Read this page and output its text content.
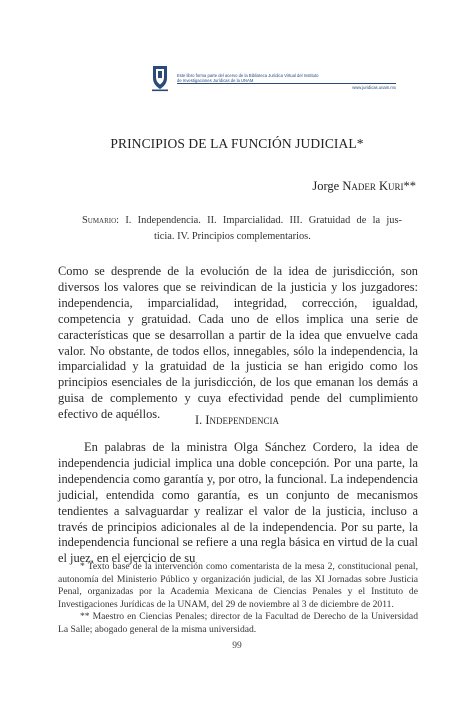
Este libro forma parte del acervo de la Biblioteca Jurídica Virtual del Instituto
de Investigaciones Jurídicas de la UNAM
www.juridicas.unam.mx
PRINCIPIOS DE LA FUNCIÓN JUDICIAL*
Jorge Nader Kuri**
Sumario: I. Independencia. II. Imparcialidad. III. Gratuidad de la jus-
ticia. IV. Principios complementarios.

Como se desprende de la evolución de la idea de jurisdicción, son diversos los valores que se reivindican de la justicia y los juzgadores: independencia, imparcialidad, integridad, corrección, igualdad, competencia y gratuidad. Cada uno de ellos implica una serie de características que se desarrollan a partir de la idea que envuelve cada valor. No obstante, de todos ellos, innegables, sólo la independencia, la imparcialidad y la gratuidad de la justicia se han erigido como los principios esenciales de la jurisdicción, de los que emanan los demás a guisa de complemento y cuya efectividad pende del cumplimiento efectivo de aquéllos.	I. Independencia

En palabras de la ministra Olga Sánchez Cordero, la idea de independencia judicial implica una doble concepción. Por una parte, la independencia como garantía y, por otro, la funcional. La independencia judicial, entendida como garantía, es un conjunto de mecanismos tendientes a salvaguardar y realizar el valor de la justicia, incluso a través de principios adicionales al de la independencia. Por su parte, la independencia funcional se refiere a una regla básica en virtud de la cual el juez, en el ejercicio de su

* Texto base de la intervención como comentarista de la mesa 2, constitucional penal, autonomía del Ministerio Público y organización judicial, de las XI Jornadas sobre Justicia Penal, organizadas por la Academia Mexicana de Ciencias Penales y el Instituto de Investigaciones Jurídicas de la UNAM, del 29 de noviembre al 3 de diciembre de 2011.

** Maestro en Ciencias Penales; director de la Facultad de Derecho de la Universidad La Salle; abogado general de la misma universidad.

99
